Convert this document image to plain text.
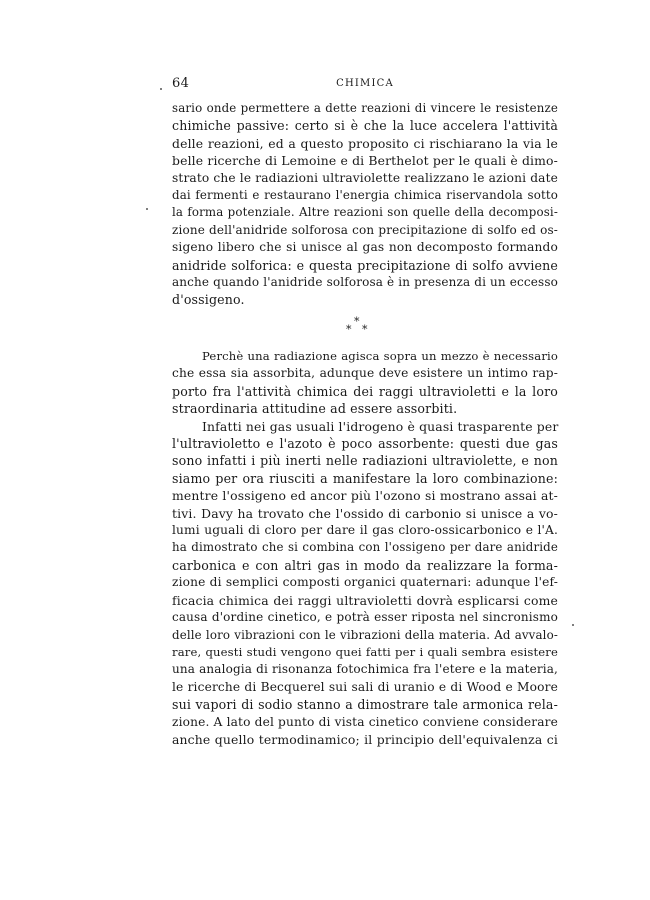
64	CHIMICA
sario onde permettere a dette reazioni di vincere le resistenze
chimiche passive: certo si è che la luce accelera l'attività
delle reazioni, ed a questo proposito ci rischiarano la via le
belle ricerche di Lemoine e di Berthelot per le quali è dimo-
strato che le radiazioni ultraviolette realizzano le azioni date
dai fermenti e restaurano l'energia chimica riservandola sotto
la forma potenziale. Altre reazioni son quelle della decomposi-
zione dell'anidride solforosa con precipitazione di solfo ed os-
sigeno libero che si unisce al gas non decomposto formando
anidride solforica: e questa precipitazione di solfo avviene
anche quando l'anidride solforosa è in presenza di un eccesso
d'ossigeno.
*
* *
Perchè una radiazione agisca sopra un mezzo è necessario
che essa sia assorbita, adunque deve esistere un intimo rap-
porto fra l'attività chimica dei raggi ultravioletti e la loro
straordinaria attitudine ad essere assorbiti.
Infatti nei gas usuali l'idrogeno è quasi trasparente per
l'ultravioletto e l'azoto è poco assorbente: questi due gas
sono infatti i più inerti nelle radiazioni ultraviolette, e non
siamo per ora riusciti a manifestare la loro combinazione:
mentre l'ossigeno ed ancor più l'ozono si mostrano assai at-
tivi. Davy ha trovato che l'ossido di carbonio si unisce a vo-
lumi uguali di cloro per dare il gas cloro-ossicarbonico e l'A.
ha dimostrato che si combina con l'ossigeno per dare anidride
carbonica e con altri gas in modo da realizzare la forma-
zione di semplici composti organici quaternari: adunque l'ef-
ficacia chimica dei raggi ultravioletti dovrà esplicarsi come
causa d'ordine cinetico, e potrà esser riposta nel sincronismo
delle loro vibrazioni con le vibrazioni della materia. Ad avvalo-
rare, questi studi vengono quei fatti per i quali sembra esistere
una analogia di risonanza fotochimica fra l'etere e la materia,
le ricerche di Becquerel sui sali di uranio e di Wood e Moore
sui vapori di sodio stanno a dimostrare tale armonica rela-
zione. A lato del punto di vista cinetico conviene considerare
anche quello termodinamico; il principio dell'equivalenza ci
